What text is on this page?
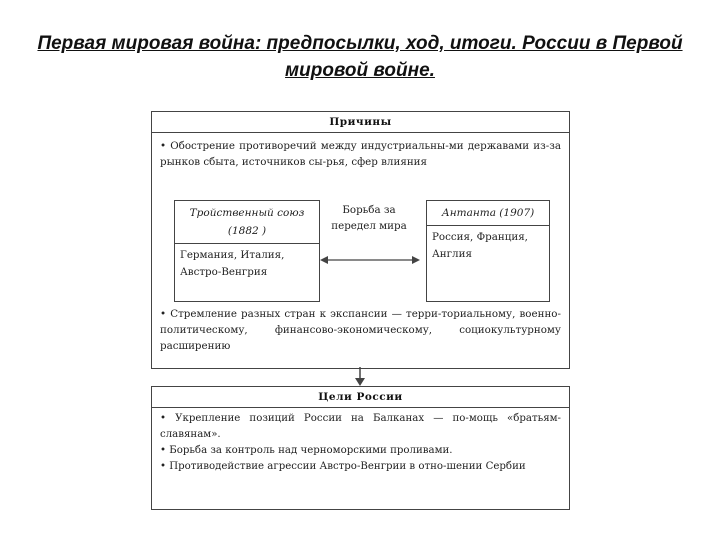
Первая мировая война: предпосылки, ход, итоги. России в Первой мировой войне.
Причины
• Обострение противоречий между индустриальны-ми державами из-за рынков сбыта, источников сы-рья, сфер влияния
Тройственный союз (1882 )
Германия, Италия, Австро-Венгрия
Борьба за передел мира
Антанта (1907)
Россия, Франция, Англия
• Стремление разных стран к экспансии — терри-ториальному, военно-политическому, финансово-экономическому, социокультурному расширению
Цели России
• Укрепление позиций России на Балканах — по-мощь «братьям-славянам».
• Борьба за контроль над черноморскими проливами.
• Противодействие агрессии Австро-Венгрии в отно-шении Сербии
